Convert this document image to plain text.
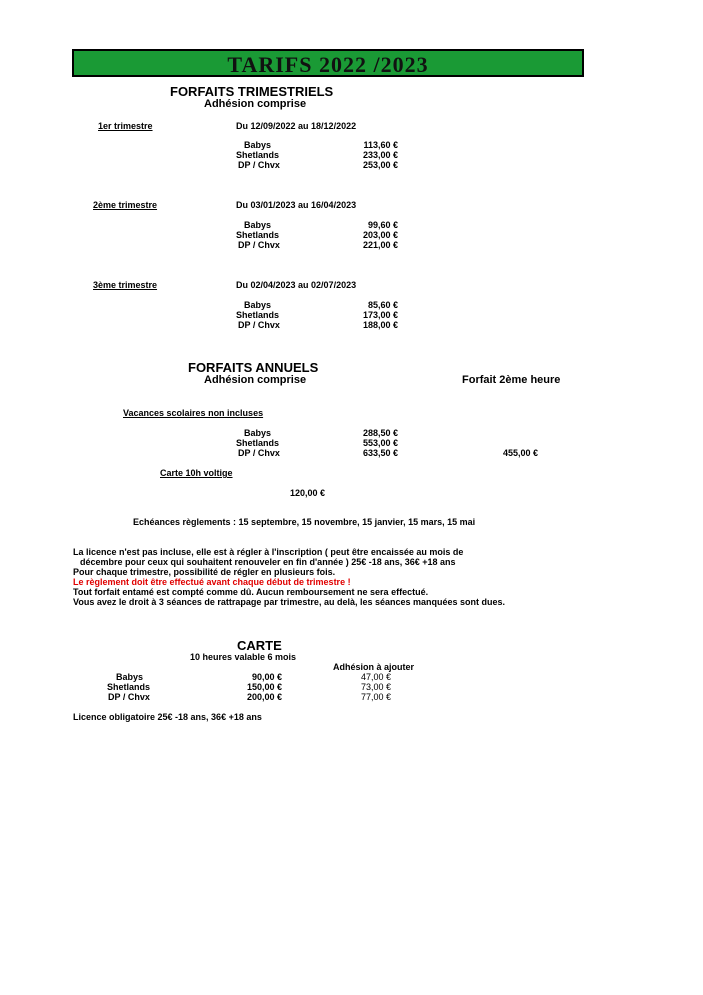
TARIFS 2022 /2023
FORFAITS TRIMESTRIELS
Adhésion comprise
1er trimestre	Du 12/09/2022 au 18/12/2022
Babys	113,60 €
Shetlands	233,00 €
DP / Chvx	253,00 €
2ème trimestre	Du 03/01/2023 au 16/04/2023
Babys	99,60 €
Shetlands	203,00 €
DP / Chvx	221,00 €
3ème trimestre	Du 02/04/2023 au 02/07/2023
Babys	85,60 €
Shetlands	173,00 €
DP / Chvx	188,00 €
FORFAITS ANNUELS
Adhésion comprise	Forfait 2ème heure
Vacances scolaires non incluses
Babys	288,50 €
Shetlands	553,00 €
DP / Chvx	633,50 €	455,00 €
Carte 10h voltige
120,00 €
Echéances règlements : 15 septembre, 15 novembre, 15 janvier, 15 mars, 15 mai
La licence n'est pas incluse, elle est à régler à l'inscription ( peut être encaissée au mois de
décembre pour ceux qui souhaitent renouveler en fin d'année ) 25€ -18 ans, 36€ +18 ans
Pour chaque trimestre, possibilité de régler en plusieurs fois.
Le règlement doit être effectué avant chaque début de trimestre !
Tout forfait entamé est compté comme dû. Aucun remboursement ne sera effectué.
Vous avez le droit à 3 séances de rattrapage par trimestre, au delà, les séances manquées sont dues.
CARTE
10 heures valable 6 mois
Adhésion à ajouter
Babys	90,00 €	47,00 €
Shetlands	150,00 €	73,00 €
DP / Chvx	200,00 €	77,00 €
Licence obligatoire 25€ -18 ans, 36€ +18 ans
